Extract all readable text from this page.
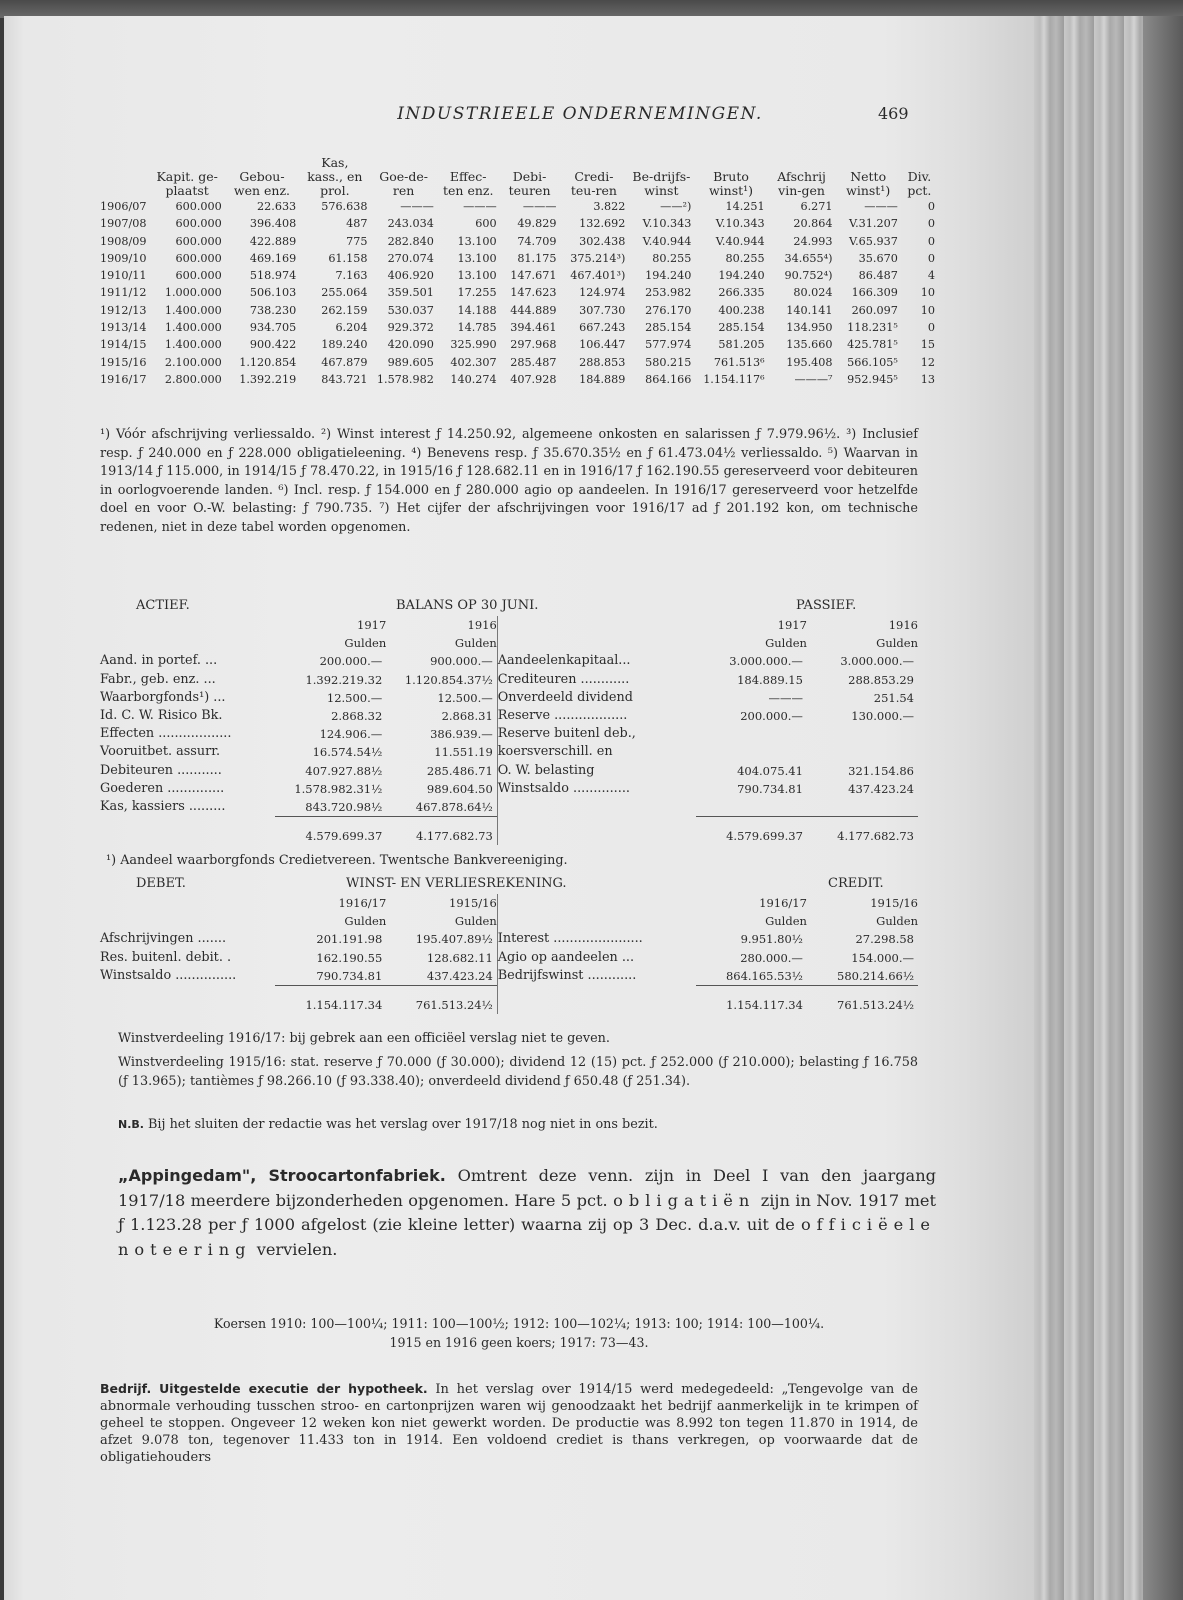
INDUSTRIEELE ONDERNEMINGEN.	469
	Kapit. ge-plaatst	Gebou-wen enz.	Kas, kass., en prol.	Goe-de-ren	Effec-ten enz.	Debi-teuren	Credi-teu-ren	Be-drijfs-winst	Bruto winst¹)	Afschrij vin-gen	Netto winst¹)	Div. pct.
1906/07	600.000	22.633	576.638	———	———	———	3.822	——²)	14.251	6.271	———	0
1907/08	600.000	396.408	487	243.034	600	49.829	132.692	V.10.343	V.10.343	20.864	V.31.207	0
1908/09	600.000	422.889	775	282.840	13.100	74.709	302.438	V.40.944	V.40.944	24.993	V.65.937	0
1909/10	600.000	469.169	61.158	270.074	13.100	81.175	375.214³)	80.255	80.255	34.655⁴)	35.670	0
1910/11	600.000	518.974	7.163	406.920	13.100	147.671	467.401³)	194.240	194.240	90.752⁴)	86.487	4
1911/12	1.000.000	506.103	255.064	359.501	17.255	147.623	124.974	253.982	266.335	80.024	166.309	10
1912/13	1.400.000	738.230	262.159	530.037	14.188	444.889	307.730	276.170	400.238	140.141	260.097	10
1913/14	1.400.000	934.705	6.204	929.372	14.785	394.461	667.243	285.154	285.154	134.950	118.231⁵	0
1914/15	1.400.000	900.422	189.240	420.090	325.990	297.968	106.447	577.974	581.205	135.660	425.781⁵	15
1915/16	2.100.000	1.120.854	467.879	989.605	402.307	285.487	288.853	580.215	761.513⁶	195.408	566.105⁵	12
1916/17	2.800.000	1.392.219	843.721	1.578.982	140.274	407.928	184.889	864.166	1.154.117⁶	———⁷	952.945⁵	13
¹) Vóór afschrijving verliessaldo. ²) Winst interest ƒ 14.250.92, algemeene onkosten en salarissen ƒ 7.979.96½. ³) Inclusief resp. ƒ 240.000 en ƒ 228.000 obligatieleening. ⁴) Benevens resp. ƒ 35.670.35½ en ƒ 61.473.04½ verliessaldo. ⁵) Waarvan in 1913/14 ƒ 115.000, in 1914/15 ƒ 78.470.22, in 1915/16 ƒ 128.682.11 en in 1916/17 ƒ 162.190.55 gereserveerd voor debiteuren in oorlogvoerende landen. ⁶) Incl. resp. ƒ 154.000 en ƒ 280.000 agio op aandeelen. In 1916/17 gereserveerd voor hetzelfde doel en voor O.-W. belasting: ƒ 790.735. ⁷) Het cijfer der afschrijvingen voor 1916/17 ad ƒ 201.192 kon, om technische redenen, niet in deze tabel worden opgenomen.
ACTIEF.	BALANS OP 30 JUNI.	PASSIEF.
	1917	1916		1917	1916
	Gulden	Gulden		Gulden	Gulden
Aand. in portef. ...	200.000.—	900.000.—	Aandeelenkapitaal...	3.000.000.—	3.000.000.—
Fabr., geb. enz. ...	1.392.219.32	1.120.854.37½	Crediteuren ............	184.889.15	288.853.29
Waarborgfonds¹) ...	12.500.—	12.500.—	Onverdeeld dividend	———	251.54
Id. C. W. Risico Bk.	2.868.32	2.868.31	Reserve ..................	200.000.—	130.000.—
Effecten ..................	124.906.—	386.939.—	Reserve buitenl deb.,		
Vooruitbet. assurr.	16.574.54½	11.551.19	koersverschill. en		
Debiteuren ...........	407.927.88½	285.486.71	O. W. belasting	404.075.41	321.154.86
Goederen ..............	1.578.982.31½	989.604.50	Winstsaldo ..............	790.734.81	437.423.24
Kas, kassiers .........	843.720.98½	467.878.64½			
	4.579.699.37	4.177.682.73		4.579.699.37	4.177.682.73
¹) Aandeel waarborgfonds Credietvereen. Twentsche Bankvereeniging.
DEBET.	WINST- EN VERLIESREKENING.	CREDIT.
	1916/17	1915/16		1916/17	1915/16
	Gulden	Gulden		Gulden	Gulden
Afschrijvingen .......	201.191.98	195.407.89½	Interest ......................	9.951.80½	27.298.58
Res. buitenl. debit. .	162.190.55	128.682.11	Agio op aandeelen ...	280.000.—	154.000.—
Winstsaldo ...............	790.734.81	437.423.24	Bedrijfswinst ............	864.165.53½	580.214.66½
	1.154.117.34	761.513.24½		1.154.117.34	761.513.24½
Winstverdeeling 1916/17: bij gebrek aan een officiëel verslag niet te geven.
Winstverdeeling 1915/16: stat. reserve ƒ 70.000 (ƒ 30.000); dividend 12 (15) pct. ƒ 252.000 (ƒ 210.000); belasting ƒ 16.758 (ƒ 13.965); tantièmes ƒ 98.266.10 (ƒ 93.338.40); onverdeeld dividend ƒ 650.48 (ƒ 251.34).
N.B. Bij het sluiten der redactie was het verslag over 1917/18 nog niet in ons bezit.
„Appingedam", Stroocartonfabriek. Omtrent deze venn. zijn in Deel I van den jaargang 1917/18 meerdere bijzonderheden opgenomen. Hare 5 pct. obligatiën zijn in Nov. 1917 met ƒ 1.123.28 per ƒ 1000 afgelost (zie kleine letter) waarna zij op 3 Dec. d.a.v. uit de officiëele noteering vervielen.
Koersen 1910: 100—100¼; 1911: 100—100½; 1912: 100—102¼; 1913: 100; 1914: 100—100¼.
1915 en 1916 geen koers; 1917: 73—43.
Bedrijf. Uitgestelde executie der hypotheek. In het verslag over 1914/15 werd medegedeeld: „Tengevolge van de abnormale verhouding tusschen stroo- en cartonprijzen waren wij genoodzaakt het bedrijf aanmerkelijk in te krimpen of geheel te stoppen. Ongeveer 12 weken kon niet gewerkt worden. De productie was 8.992 ton tegen 11.870 in 1914, de afzet 9.078 ton, tegenover 11.433 ton in 1914. Een voldoend crediet is thans verkregen, op voorwaarde dat de obligatiehouders
